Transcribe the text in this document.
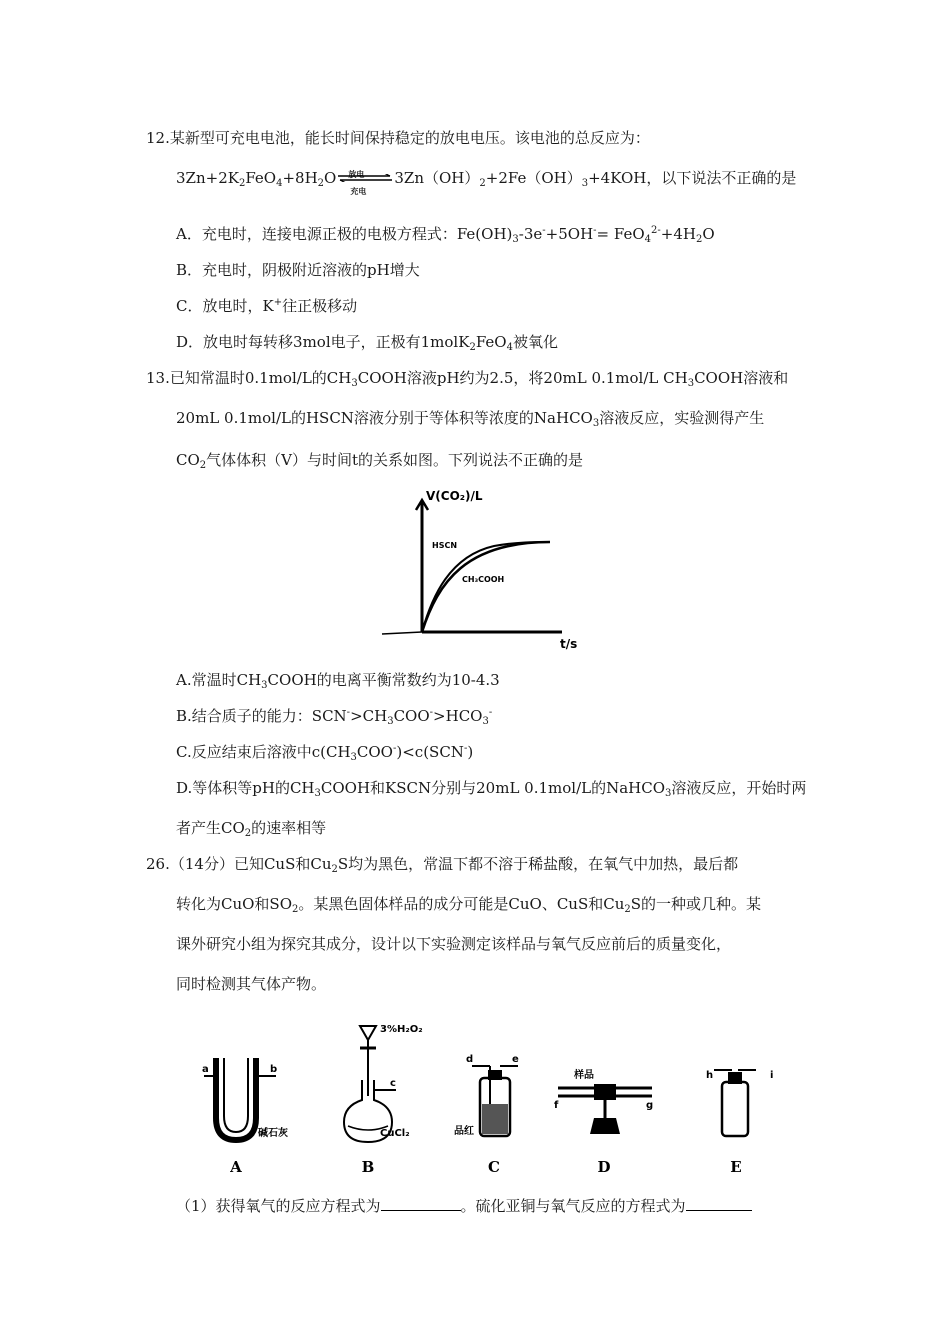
12.某新型可充电电池，能长时间保持稳定的放电电压。该电池的总反应为：
$3Zn+2K_2FeO_4+8H_2O$ 放电
充电
$3Zn(OH)_2+2Fe(OH)_3+4KOH$，以下说法不正确的是
A．充电时，连接电源正极的电极方程式：$Fe(OH)_3-3e^-+5OH^-= FeO_4^{2-}+4H_2O$
B．充电时，阴极附近溶液的pH增大
C．放电时，K+往正极移动
D．放电时每转移3mol电子，正极有1molK$_2$FeO$_4$被氧化
13.已知常温时0.1mol/L的$CH_3COOH$溶液pH约为2.5，将20mL 0.1mol/L $CH_3COOH$溶液和
20mL 0.1mol/L的HSCN溶液分别于等体积等浓度的NaHCO$_3$溶液反应，实验测得产生
$CO_2$气体体积（V）与时间t的关系如图。下列说法不正确的是
V(CO₂)/L
t/s
HSCN
CH₃COOH
A.常温时$CH_3COOH$的电离平衡常数约为10-4.3
B.结合质子的能力：$SCN^->CH_3COO^->HCO_3^-$
C.反应结束后溶液中$c(CH_3COO^-)<c(SCN^-)$
D.等体积等pH的$CH_3COOH$和KSCN分别与20mL 0.1mol/L的NaHCO$_3$溶液反应，开始时两
者产生$CO_2$的速率相等
26.（14分）已知CuS和$Cu_2S$均为黑色，常温下都不溶于稀盐酸，在氧气中加热，最后都
转化为CuO和$SO_2$。某黑色固体样品的成分可能是CuO、CuS和$Cu_2S$的一种或几种。某
课外研究小组为探究其成分，设计以下实验测定该样品与氧气反应前后的质量变化，
同时检测其气体产物。
a	b
碱石灰
A
3%H₂O₂
c
CuCl₂
B
d	e
品红
C
样品
f	g
D
h	i
E
（1）获得氧气的反应方程式为	。硫化亚铜与氧气反应的方程式为
